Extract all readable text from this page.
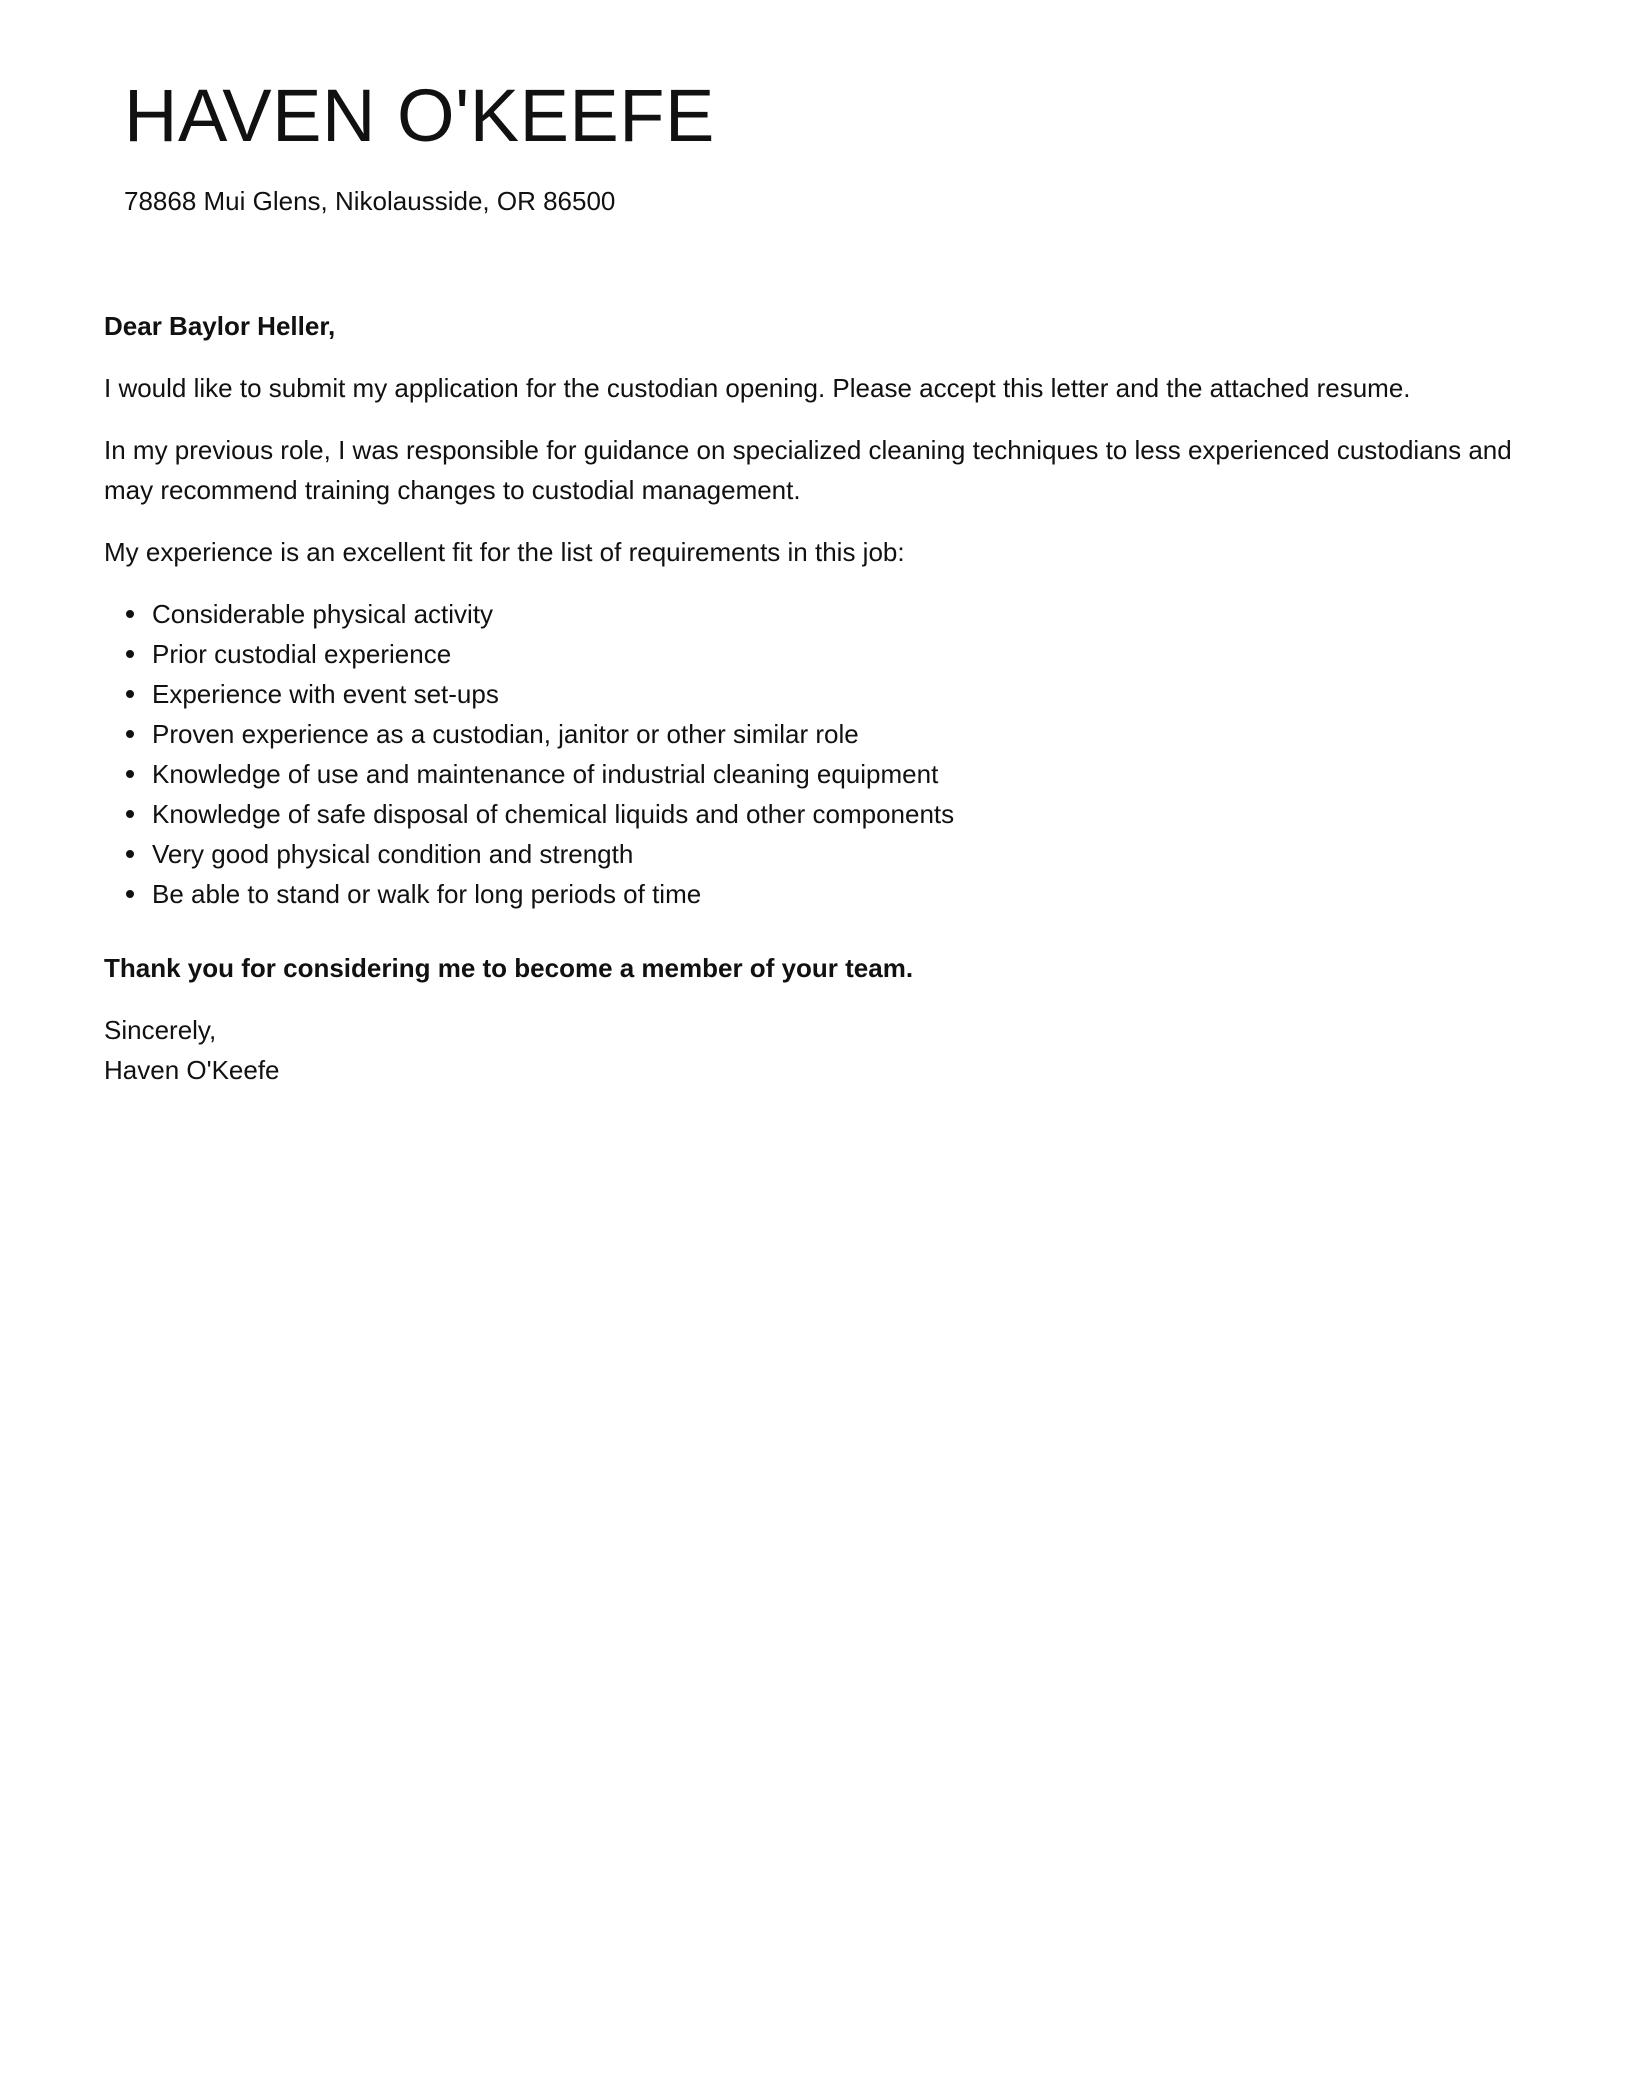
HAVEN O'KEEFE

78868 Mui Glens, Nikolausside, OR 86500

Dear Baylor Heller,

I would like to submit my application for the custodian opening. Please accept this letter and the attached resume.

In my previous role, I was responsible for guidance on specialized cleaning techniques to less experienced custodians and may recommend training changes to custodial management.

My experience is an excellent fit for the list of requirements in this job:

Considerable physical activity
Prior custodial experience
Experience with event set-ups
Proven experience as a custodian, janitor or other similar role
Knowledge of use and maintenance of industrial cleaning equipment
Knowledge of safe disposal of chemical liquids and other components
Very good physical condition and strength
Be able to stand or walk for long periods of time

Thank you for considering me to become a member of your team.

Sincerely,

Haven O'Keefe
